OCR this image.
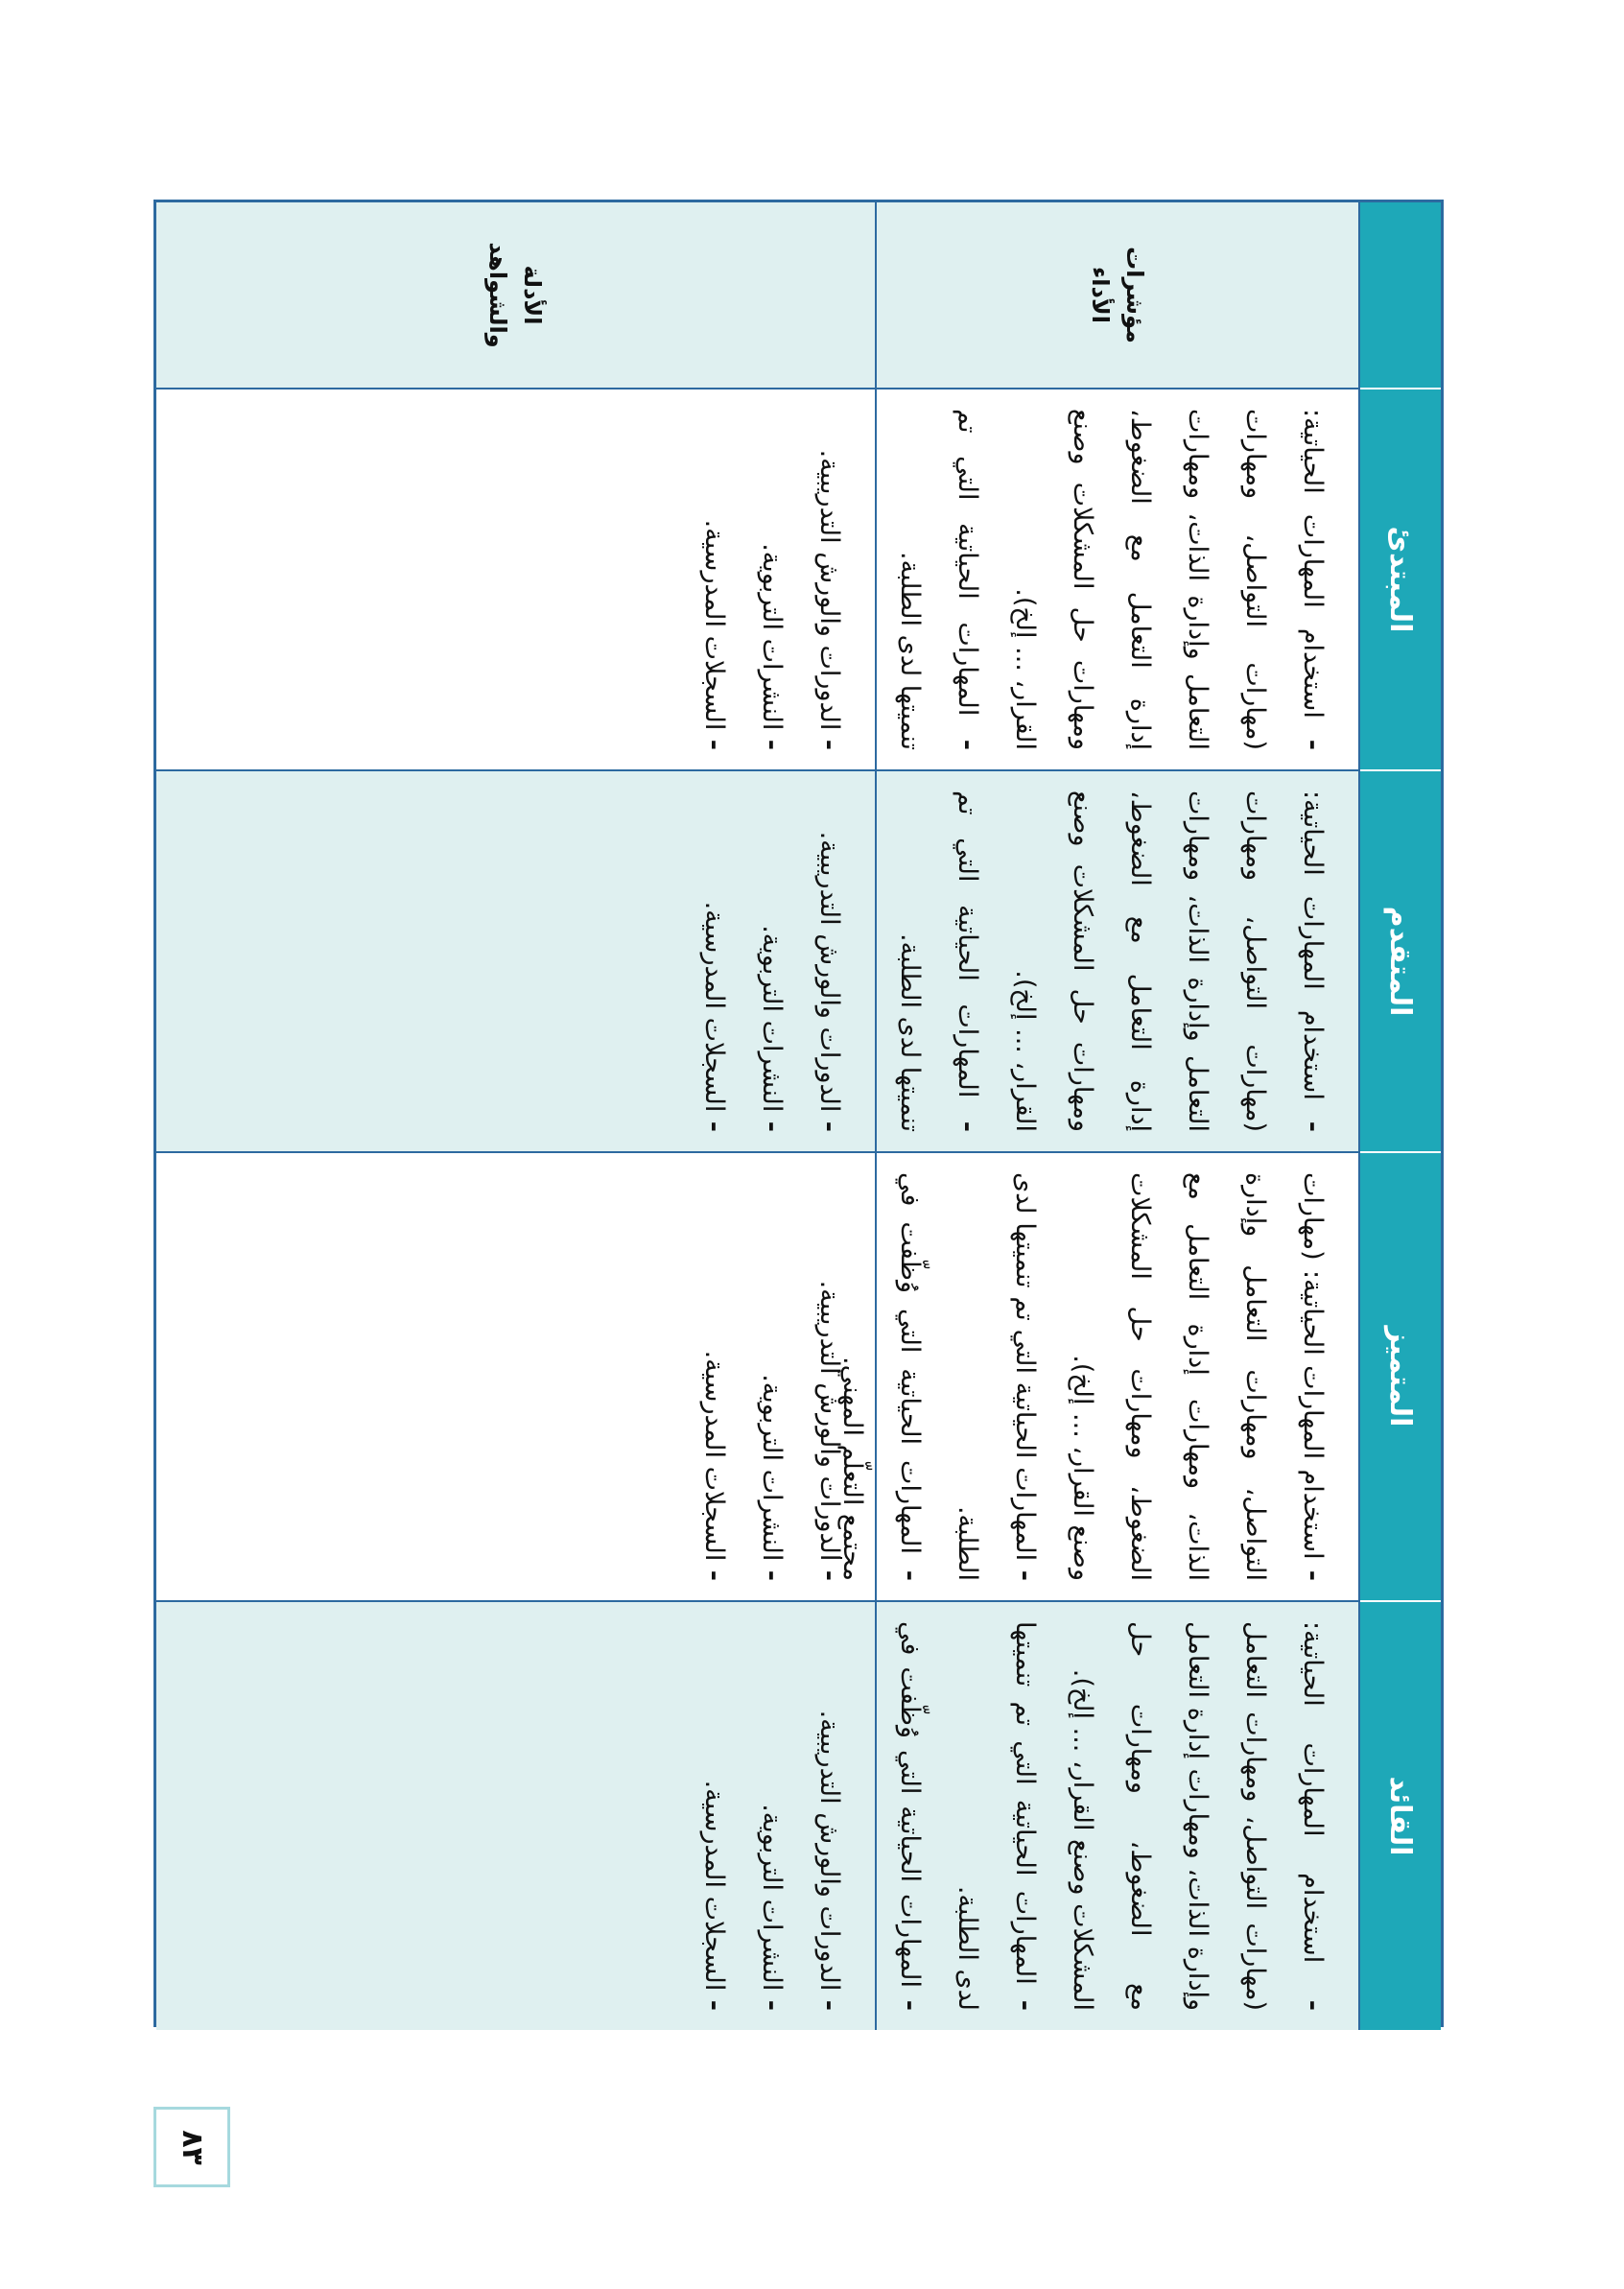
المبتدئ
المتقدم
المتميز
القائد
مؤشرات الأداء

- استخدام المهارات الحياتية: (مهارات التواصل، ومهارات التعامل وإدارة الذات، ومهارات إدارة التعامل مع الضغوط، ومهارات حل المشكلات وصنع القرار، ... إلخ).

- المهارات الحياتية التي تم تنميتها لدى الطلبة.

- استخدام المهارات الحياتية: (مهارات التواصل، ومهارات التعامل وإدارة الذات، ومهارات إدارة التعامل مع الضغوط، ومهارات حل المشكلات وصنع القرار، ... إلخ).

- المهارات الحياتية التي تم تنميتها لدى الطلبة.

- استخدام المهارات الحياتية: (مهارات التواصل، ومهارات التعامل وإدارة الذات، ومهارات إدارة التعامل مع الضغوط، ومهارات حل المشكلات وصنع القرار، ... إلخ).

- المهارات الحياتية التي تم تنميتها لدى الطلبة.

- المهارات الحياتية التي وُظّفت في مجتمع التعلّم المهني.

- استخدام المهارات الحياتية: (مهارات التواصل، ومهارات التعامل وإدارة الذات، ومهارات إدارة التعامل مع الضغوط، ومهارات حل المشكلات وصنع القرار، ... إلخ).

- المهارات الحياتية التي تم تنميتها لدى الطلبة.

- المهارات الحياتية التي وُظّفت في

الأدلة والشواهد

- الدورات والورش التدريبية.

- النشرات التربوية.

- السجلات المدرسية.

- الدورات والورش التدريبية.

- النشرات التربوية.

- السجلات المدرسية.

- الدورات والورش التدريبية.

- النشرات التربوية.

- السجلات المدرسية.

- الدورات والورش التدريبية.

- النشرات التربوية.

- السجلات المدرسية.

٨٣
